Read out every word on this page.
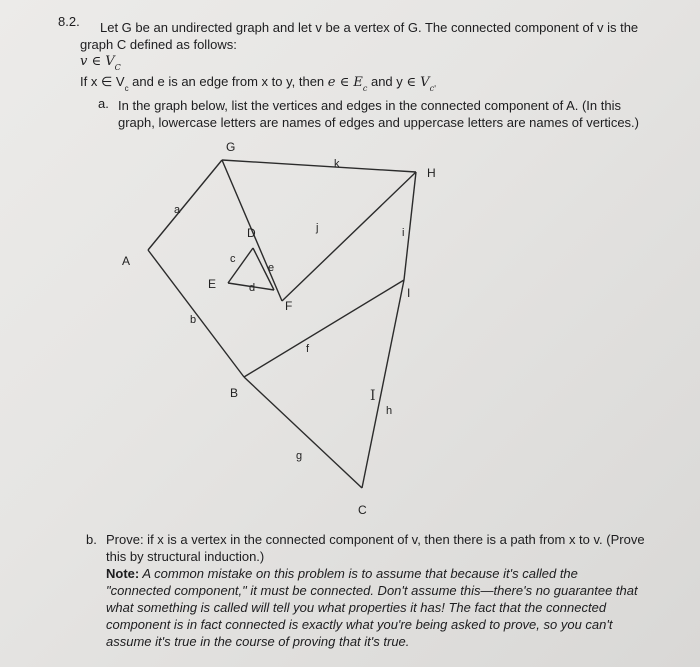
8.2. Let G be an undirected graph and let v be a vertex of G. The connected component of v is the
graph C defined as follows:
v ∈ $V_C$
If x ∈ $V_c$ and e is an edge from x to y, then e ∈ $E_c$ and y ∈ $V_{c'}$
a. In the graph below, list the vertices and edges in the connected component of A. (In this
graph, lowercase letters are names of edges and uppercase letters are names of vertices.)
G
H
A
D
E
F
I
B
C
k
a
j	i
c
e
d
b
f
h
g
I
b. Prove: if x is a vertex in the connected component of v, then there is a path from x to v. (Prove
this by structural induction.)
Note: A common mistake on this problem is to assume that because it's called the
"connected component," it must be connected. Don't assume this—there's no guarantee that
what something is called will tell you what properties it has! The fact that the connected
component is in fact connected is exactly what you're being asked to prove, so you can't
assume it's true in the course of proving that it's true.
